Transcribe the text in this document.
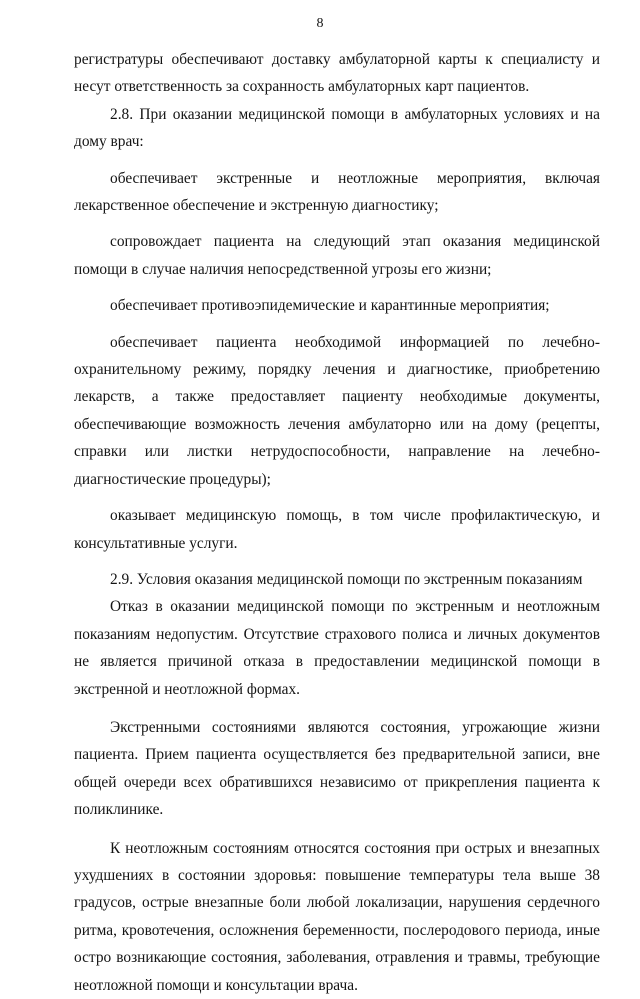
8

регистратуры обеспечивают доставку амбулаторной карты к специалисту и несут ответственность за сохранность амбулаторных карт пациентов.

2.8. При оказании медицинской помощи в амбулаторных условиях и на дому врач:

обеспечивает экстренные и неотложные мероприятия, включая лекарственное обеспечение и экстренную диагностику;

сопровождает пациента на следующий этап оказания медицинской помощи в случае наличия непосредственной угрозы его жизни;

обеспечивает противоэпидемические и карантинные мероприятия;

обеспечивает пациента необходимой информацией по лечебно-охранительному режиму, порядку лечения и диагностике, приобретению лекарств, а также предоставляет пациенту необходимые документы, обеспечивающие возможность лечения амбулаторно или на дому (рецепты, справки или листки нетрудоспособности, направление на лечебно-диагностические процедуры);

оказывает медицинскую помощь, в том числе профилактическую, и консультативные услуги.

2.9. Условия оказания медицинской помощи по экстренным показаниям

Отказ в оказании медицинской помощи по экстренным и неотложным показаниям недопустим. Отсутствие страхового полиса и личных документов не является причиной отказа в предоставлении медицинской помощи в экстренной и неотложной формах.

Экстренными состояниями являются состояния, угрожающие жизни пациента. Прием пациента осуществляется без предварительной записи, вне общей очереди всех обратившихся независимо от прикрепления пациента к поликлинике.

К неотложным состояниям относятся состояния при острых и внезапных ухудшениях в состоянии здоровья: повышение температуры тела выше 38 градусов, острые внезапные боли любой локализации, нарушения сердечного ритма, кровотечения, осложнения беременности, послеродового периода, иные остро возникающие состояния, заболевания, отравления и травмы, требующие неотложной помощи и консультации врача.
